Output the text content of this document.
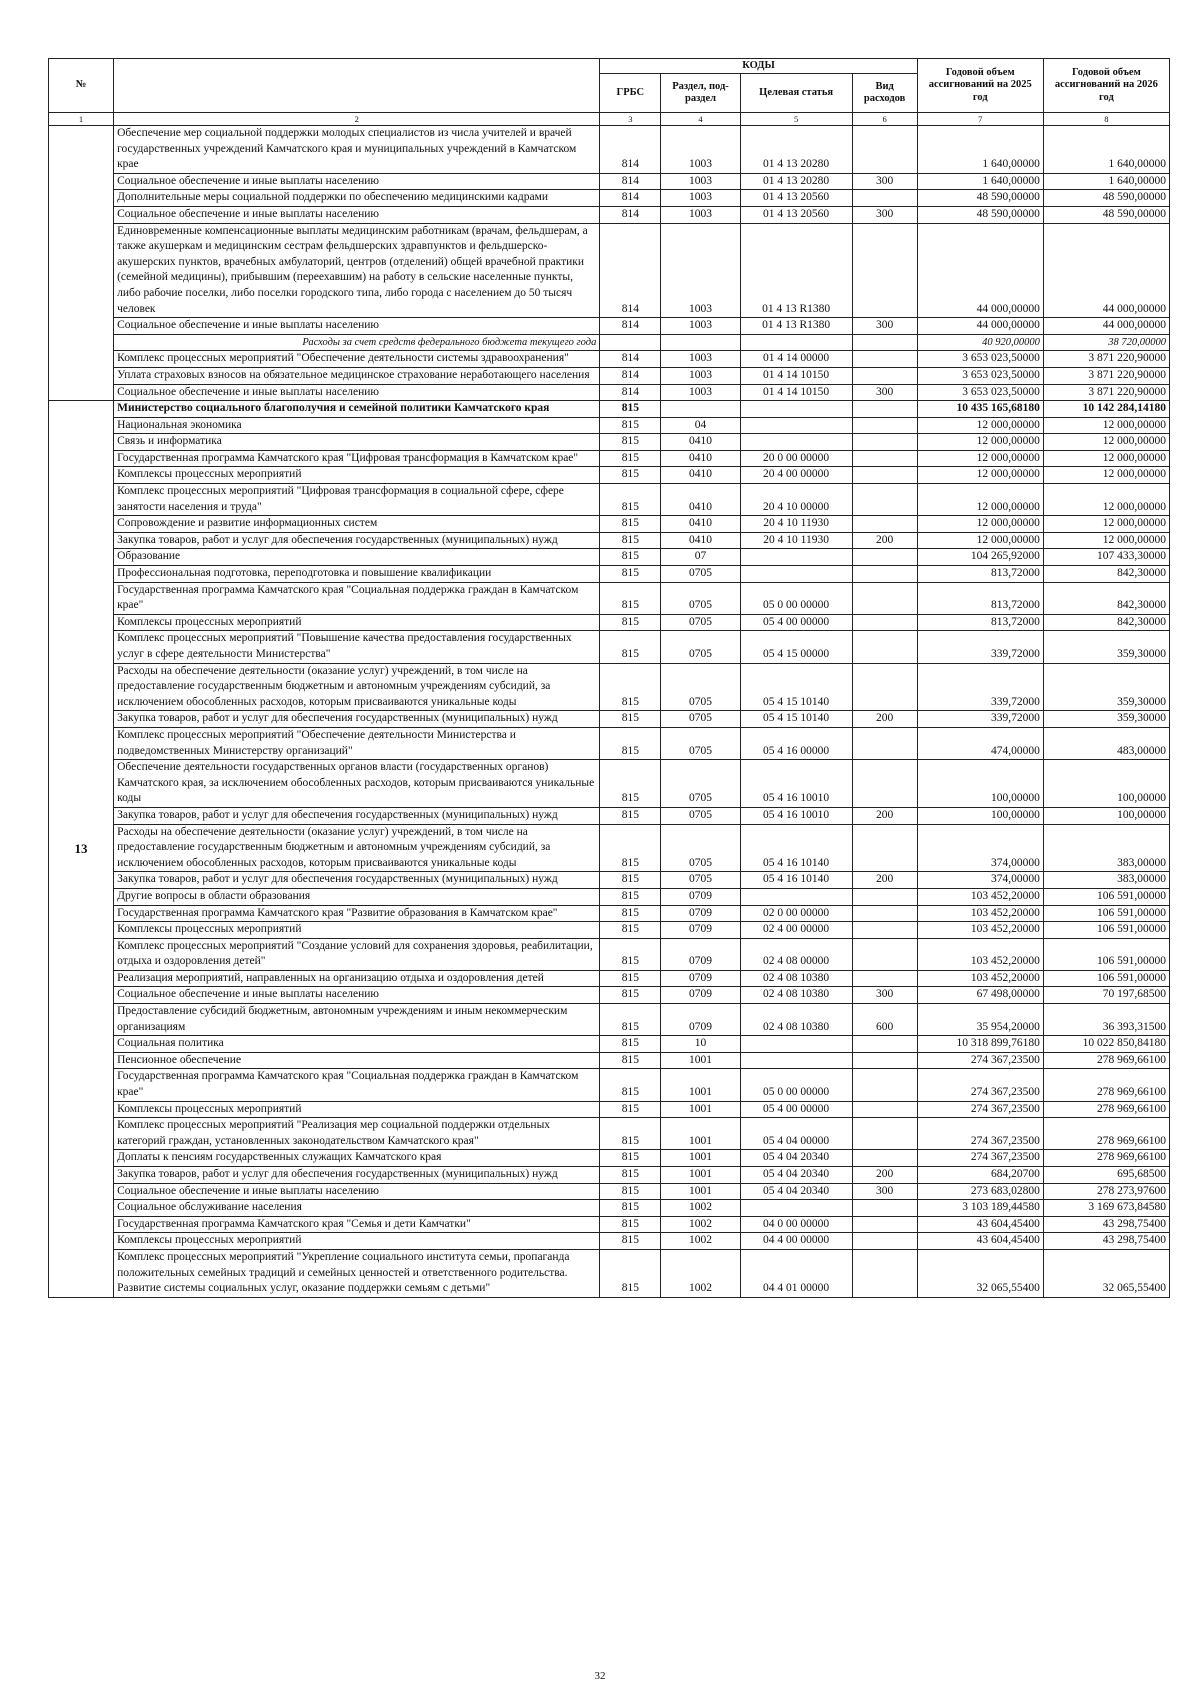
№		КОДЫ				Годовой объем ассигнований на 2025 год	Годовой объем ассигнований на 2026 год
		ГРБС	Раздел, под-раздел	Целевая статья	Вид расходов		
1	2	3	4	5	6	7	8
	Обеспечение мер социальной поддержки молодых специалистов из числа учителей и врачей государственных учреждений Камчатского края и муниципальных учреждений в Камчатском крае	814	1003	01 4 13 20280		1 640,00000	1 640,00000
	Социальное обеспечение и иные выплаты населению	814	1003	01 4 13 20280	300	1 640,00000	1 640,00000
	Дополнительные меры социальной поддержки по обеспечению медицинскими кадрами	814	1003	01 4 13 20560		48 590,00000	48 590,00000
	Социальное обеспечение и иные выплаты населению	814	1003	01 4 13 20560	300	48 590,00000	48 590,00000
	Единовременные компенсационные выплаты медицинским работникам (врачам, фельдшерам, а также акушеркам и медицинским сестрам фельдшерских здравпунктов и фельдшерско-акушерских пунктов, врачебных амбулаторий, центров (отделений) общей врачебной практики (семейной медицины), прибывшим (переехавшим) на работу в сельские населенные пункты, либо рабочие поселки, либо поселки городского типа, либо города с населением до 50 тысяч человек	814	1003	01 4 13 R1380		44 000,00000	44 000,00000
	Социальное обеспечение и иные выплаты населению	814	1003	01 4 13 R1380	300	44 000,00000	44 000,00000
	Расходы за счет средств федерального бюджета текущего года					40 920,00000	38 720,00000
	Комплекс процессных мероприятий "Обеспечение деятельности системы здравоохранения"	814	1003	01 4 14 00000		3 653 023,50000	3 871 220,90000
	Уплата страховых взносов на обязательное медицинское страхование неработающего населения	814	1003	01 4 14 10150		3 653 023,50000	3 871 220,90000
	Социальное обеспечение и иные выплаты населению	814	1003	01 4 14 10150	300	3 653 023,50000	3 871 220,90000
13	Министерство социального благополучия и семейной политики Камчатского края	815				10 435 165,68180	10 142 284,14180
	Национальная экономика	815	04			12 000,00000	12 000,00000
	Связь и информатика	815	0410			12 000,00000	12 000,00000
	Государственная программа Камчатского края "Цифровая трансформация в Камчатском крае"	815	0410	20 0 00 00000		12 000,00000	12 000,00000
	Комплексы процессных мероприятий	815	0410	20 4 00 00000		12 000,00000	12 000,00000
	Комплекс процессных мероприятий "Цифровая трансформация в социальной сфере, сфере занятости населения и труда"	815	0410	20 4 10 00000		12 000,00000	12 000,00000
	Сопровождение и развитие информационных систем	815	0410	20 4 10 11930		12 000,00000	12 000,00000
	Закупка товаров, работ и услуг для обеспечения государственных (муниципальных) нужд	815	0410	20 4 10 11930	200	12 000,00000	12 000,00000
	Образование	815	07			104 265,92000	107 433,30000
	Профессиональная подготовка, переподготовка и повышение квалификации	815	0705			813,72000	842,30000
	Государственная программа Камчатского края "Социальная поддержка граждан в Камчатском крае"	815	0705	05 0 00 00000		813,72000	842,30000
	Комплексы процессных мероприятий	815	0705	05 4 00 00000		813,72000	842,30000
	Комплекс процессных мероприятий "Повышение качества предоставления государственных услуг в сфере деятельности Министерства"	815	0705	05 4 15 00000		339,72000	359,30000
	Расходы на обеспечение деятельности (оказание услуг) учреждений, в том числе на предоставление государственным бюджетным и автономным учреждениям субсидий, за исключением обособленных расходов, которым присваиваются уникальные коды	815	0705	05 4 15 10140		339,72000	359,30000
	Закупка товаров, работ и услуг для обеспечения государственных (муниципальных) нужд	815	0705	05 4 15 10140	200	339,72000	359,30000
	Комплекс процессных мероприятий "Обеспечение деятельности Министерства и подведомственных Министерству организаций"	815	0705	05 4 16 00000		474,00000	483,00000
	Обеспечение деятельности государственных органов власти (государственных органов) Камчатского края, за исключением обособленных расходов, которым присваиваются уникальные коды	815	0705	05 4 16 10010		100,00000	100,00000
	Закупка товаров, работ и услуг для обеспечения государственных (муниципальных) нужд	815	0705	05 4 16 10010	200	100,00000	100,00000
	Расходы на обеспечение деятельности (оказание услуг) учреждений, в том числе на предоставление государственным бюджетным и автономным учреждениям субсидий, за исключением обособленных расходов, которым присваиваются уникальные коды	815	0705	05 4 16 10140		374,00000	383,00000
	Закупка товаров, работ и услуг для обеспечения государственных (муниципальных) нужд	815	0705	05 4 16 10140	200	374,00000	383,00000
	Другие вопросы в области образования	815	0709			103 452,20000	106 591,00000
	Государственная программа Камчатского края "Развитие образования в Камчатском крае"	815	0709	02 0 00 00000		103 452,20000	106 591,00000
	Комплексы процессных мероприятий	815	0709	02 4 00 00000		103 452,20000	106 591,00000
	Комплекс процессных мероприятий "Создание условий для сохранения здоровья, реабилитации, отдыха и оздоровления детей"	815	0709	02 4 08 00000		103 452,20000	106 591,00000
	Реализация мероприятий, направленных на организацию отдыха и оздоровления детей	815	0709	02 4 08 10380		103 452,20000	106 591,00000
	Социальное обеспечение и иные выплаты населению	815	0709	02 4 08 10380	300	67 498,00000	70 197,68500
	Предоставление субсидий бюджетным, автономным учреждениям и иным некоммерческим организациям	815	0709	02 4 08 10380	600	35 954,20000	36 393,31500
	Социальная политика	815	10			10 318 899,76180	10 022 850,84180
	Пенсионное обеспечение	815	1001			274 367,23500	278 969,66100
	Государственная программа Камчатского края "Социальная поддержка граждан в Камчатском крае"	815	1001	05 0 00 00000		274 367,23500	278 969,66100
	Комплексы процессных мероприятий	815	1001	05 4 00 00000		274 367,23500	278 969,66100
	Комплекс процессных мероприятий "Реализация мер социальной поддержки отдельных категорий граждан, установленных законодательством Камчатского края"	815	1001	05 4 04 00000		274 367,23500	278 969,66100
	Доплаты к пенсиям государственных служащих Камчатского края	815	1001	05 4 04 20340		274 367,23500	278 969,66100
	Закупка товаров, работ и услуг для обеспечения государственных (муниципальных) нужд	815	1001	05 4 04 20340	200	684,20700	695,68500
	Социальное обеспечение и иные выплаты населению	815	1001	05 4 04 20340	300	273 683,02800	278 273,97600
	Социальное обслуживание населения	815	1002			3 103 189,44580	3 169 673,84580
	Государственная программа Камчатского края "Семья и дети Камчатки"	815	1002	04 0 00 00000		43 604,45400	43 298,75400
	Комплексы процессных мероприятий	815	1002	04 4 00 00000		43 604,45400	43 298,75400
	Комплекс процессных мероприятий "Укрепление социального института семьи, пропаганда положительных семейных традиций и семейных ценностей и ответственного родительства. Развитие системы социальных услуг, оказание поддержки семьям с детьми"	815	1002	04 4 01 00000		32 065,55400	32 065,55400
32
